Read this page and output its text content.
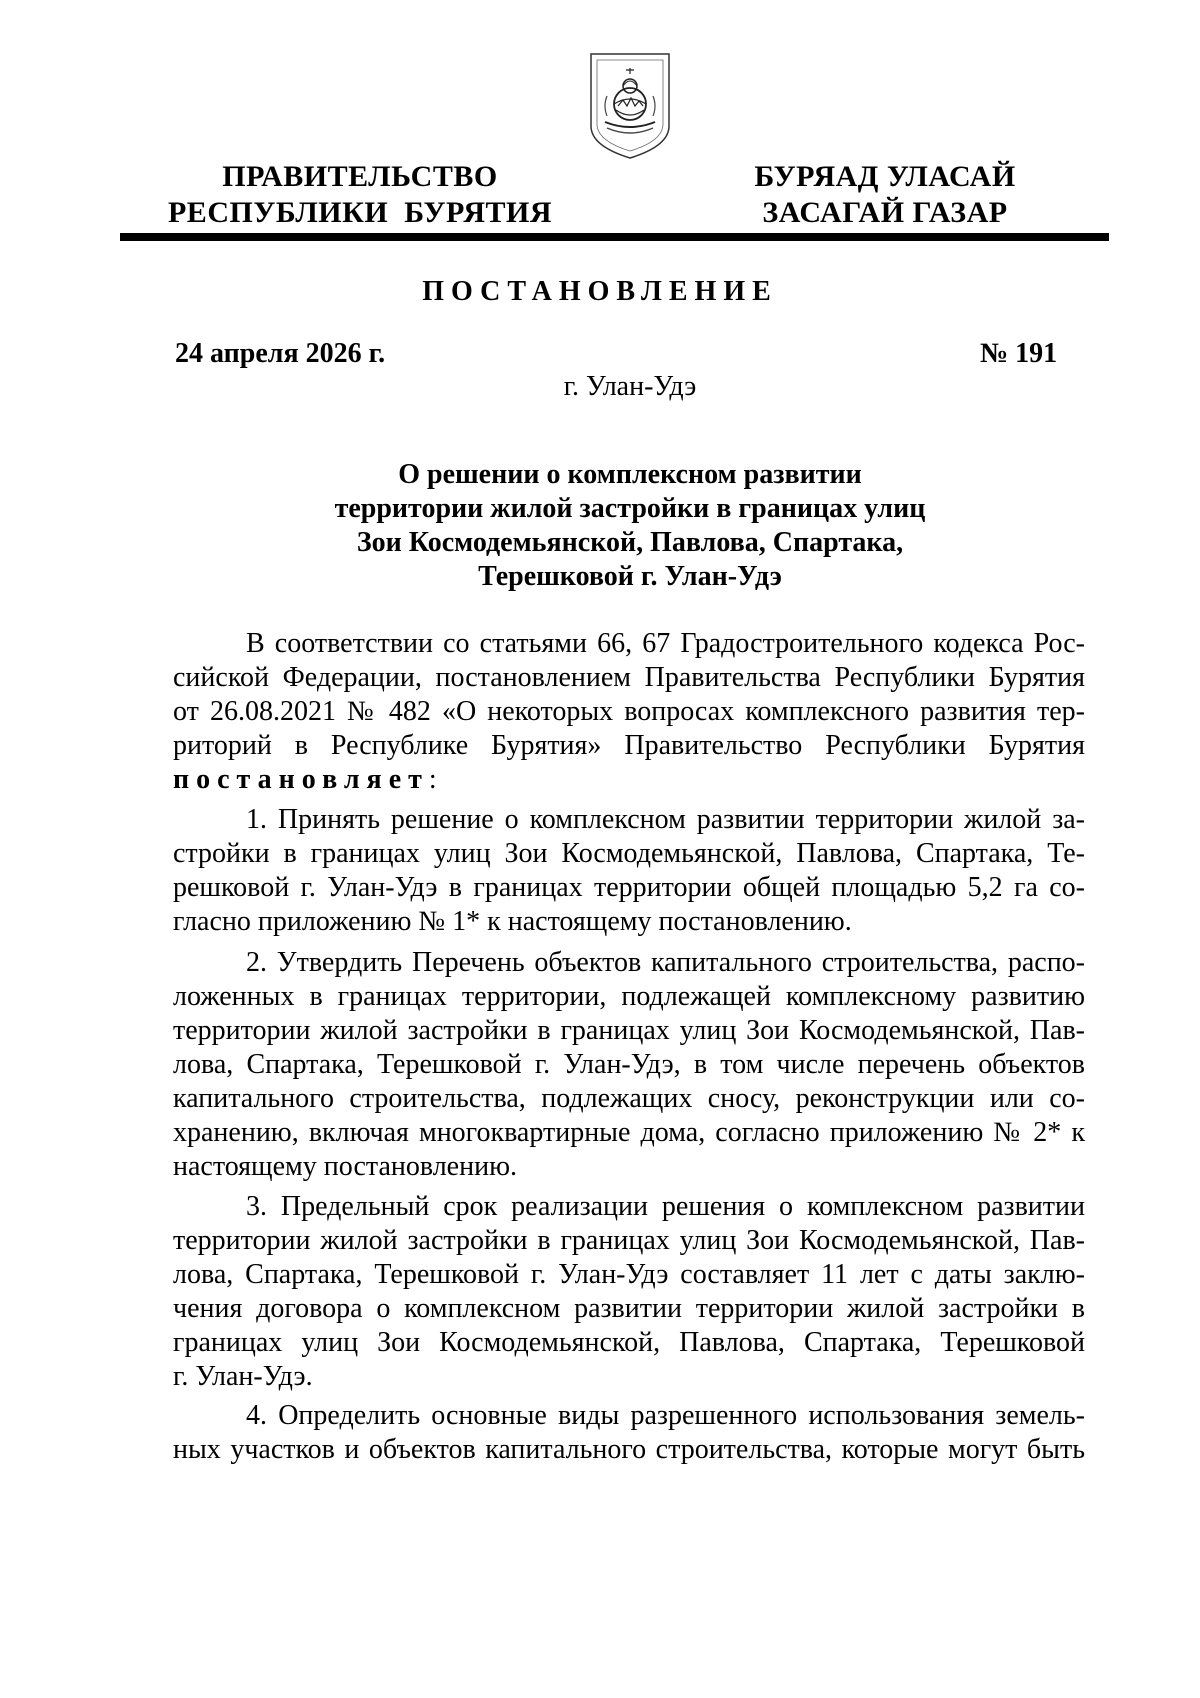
ПРАВИТЕЛЬСТВО
РЕСПУБЛИКИ  БУРЯТИЯ
БУРЯАД УЛАСАЙ
ЗАСАГАЙ ГАЗАР
ПОСТАНОВЛЕНИЕ
24 апреля 2026 г.	№ 191
г. Улан-Удэ
О решении о комплексном развитии
территории жилой застройки в границах улиц
Зои Космодемьянской, Павлова, Спартака,
Терешковой г. Улан-Удэ
В соответствии со статьями 66, 67 Градостроительного кодекса Рос-
сийской Федерации, постановлением Правительства Республики Бурятия
от 26.08.2021 № 482 «О некоторых вопросах комплексного развития тер-
риторий в Республике Бурятия» Правительство Республики Бурятия
постановляет:
1. Принять решение о комплексном развитии территории жилой за-
стройки в границах улиц Зои Космодемьянской, Павлова, Спартака, Те-
решковой г. Улан-Удэ в границах территории общей площадью 5,2 га со-
гласно приложению № 1* к настоящему постановлению.
2. Утвердить Перечень объектов капитального строительства, распо-
ложенных в границах территории, подлежащей комплексному развитию
территории жилой застройки в границах улиц Зои Космодемьянской, Пав-
лова, Спартака, Терешковой г. Улан-Удэ, в том числе перечень объектов
капитального строительства, подлежащих сносу, реконструкции или со-
хранению, включая многоквартирные дома, согласно приложению № 2* к
настоящему постановлению.
3. Предельный срок реализации решения о комплексном развитии
территории жилой застройки в границах улиц Зои Космодемьянской, Пав-
лова, Спартака, Терешковой г. Улан-Удэ составляет 11 лет с даты заклю-
чения договора о комплексном развитии территории жилой застройки в
границах улиц Зои Космодемьянской, Павлова, Спартака, Терешковой
г. Улан-Удэ.
4. Определить основные виды разрешенного использования земель-
ных участков и объектов капитального строительства, которые могут быть
